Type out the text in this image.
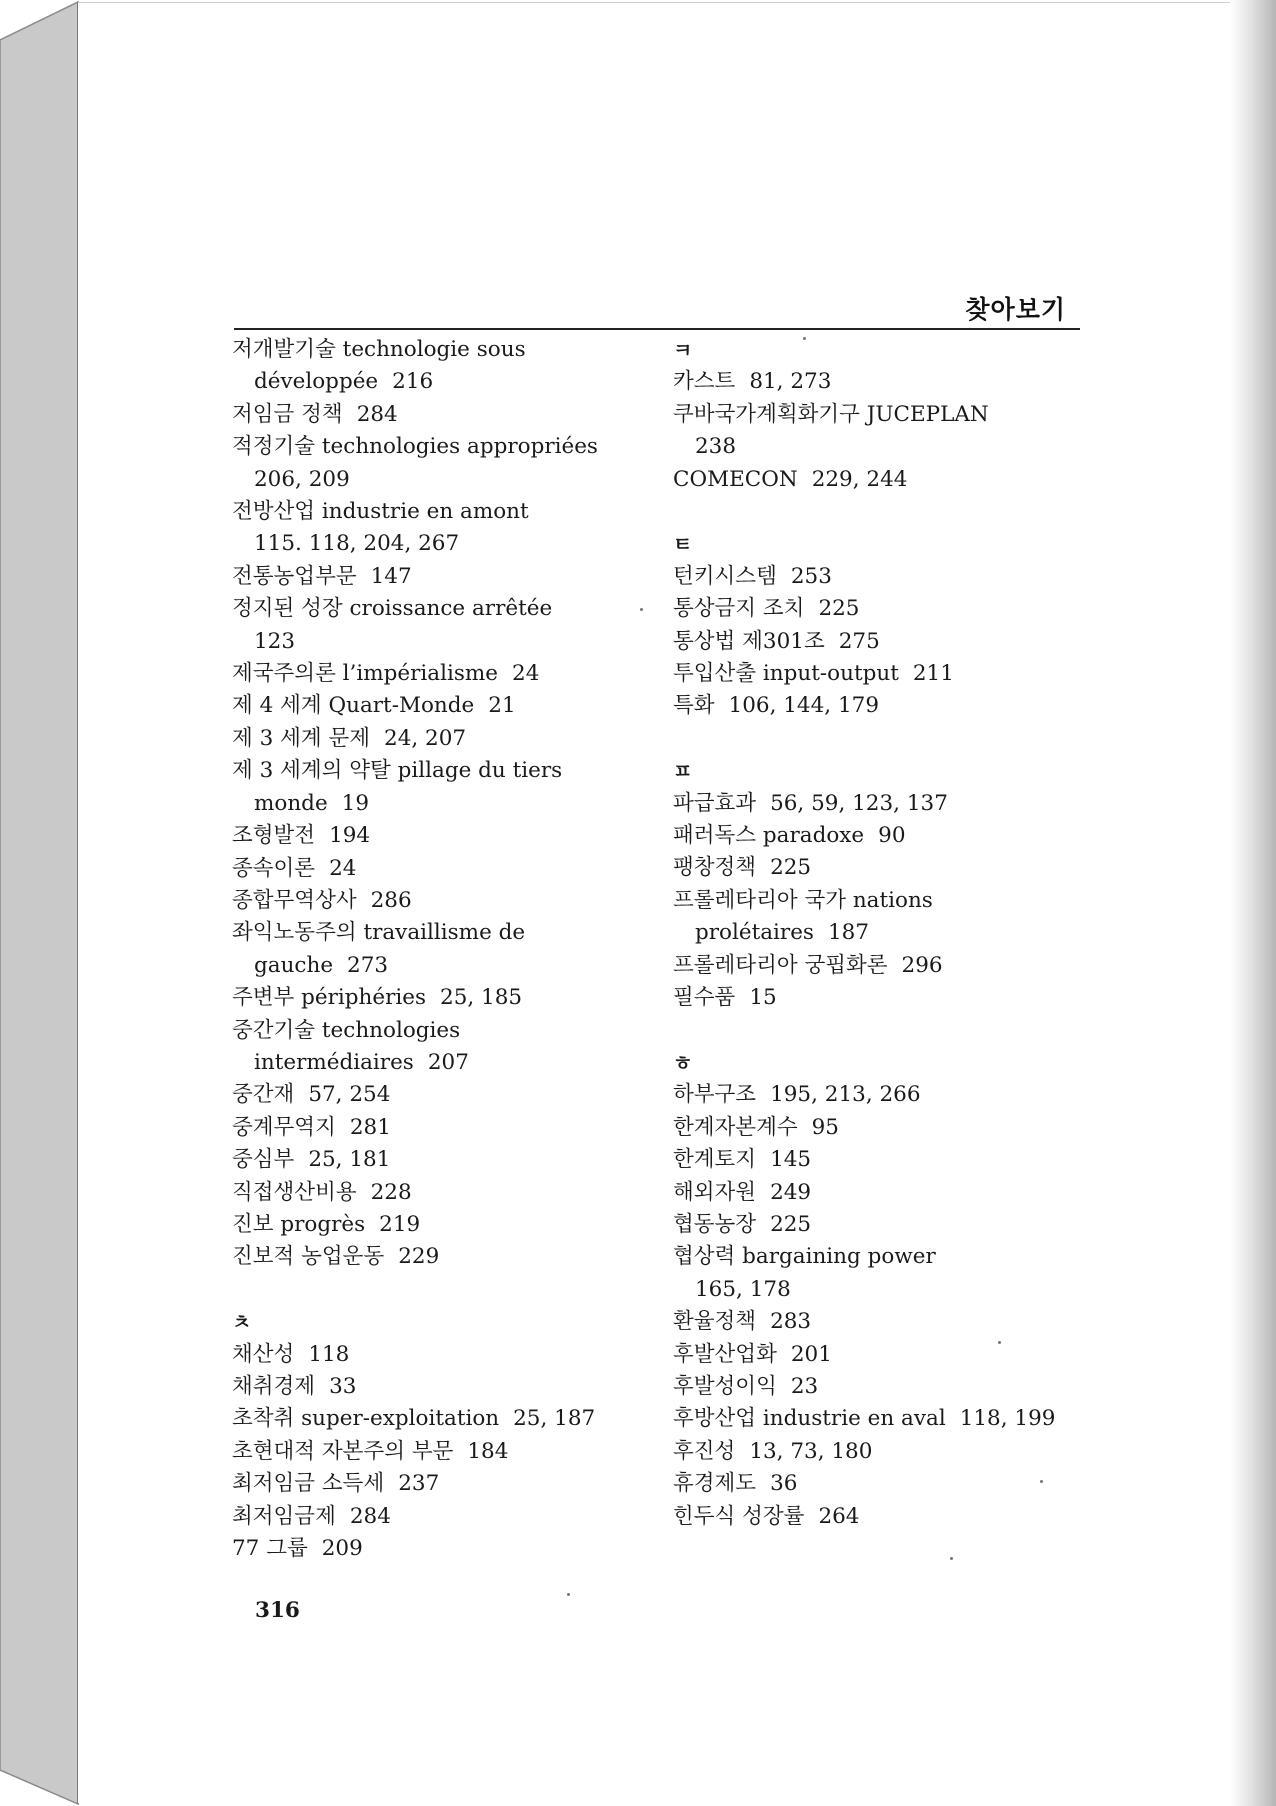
찾아보기
저개발기술 technologie sous
développée 216
저임금 정책 284
적정기술 technologies appropriées
206, 209
전방산업 industrie en amont
115. 118, 204, 267
전통농업부문 147
정지된 성장 croissance arrêtée
123
제국주의론 l’impérialisme 24
제 4 세계 Quart-Monde 21
제 3 세계 문제 24, 207
제 3 세계의 약탈 pillage du tiers
monde 19
조형발전 194
종속이론 24
종합무역상사 286
좌익노동주의 travaillisme de
gauche 273
주변부 périphéries 25, 185
중간기술 technologies
intermédiaires 207
중간재 57, 254
중계무역지 281
중심부 25, 181
직접생산비용 228
진보 progrès 219
진보적 농업운동 229
ㅊ
채산성 118
채취경제 33
초착취 super-exploitation 25, 187
초현대적 자본주의 부문 184
최저임금 소득세 237
최저임금제 284
77 그룹 209
ㅋ
카스트 81, 273
쿠바국가계획화기구 JUCEPLAN
238
COMECON 229, 244
ㅌ
턴키시스템 253
통상금지 조치 225
통상법 제301조 275
투입산출 input-output 211
특화 106, 144, 179
ㅍ
파급효과 56, 59, 123, 137
패러독스 paradoxe 90
팽창정책 225
프롤레타리아 국가 nations
prolétaires 187
프롤레타리아 궁핍화론 296
필수품 15
ㅎ
하부구조 195, 213, 266
한계자본계수 95
한계토지 145
해외자원 249
협동농장 225
협상력 bargaining power
165, 178
환율정책 283
후발산업화 201
후발성이익 23
후방산업 industrie en aval 118, 199
후진성 13, 73, 180
휴경제도 36
힌두식 성장률 264
316
